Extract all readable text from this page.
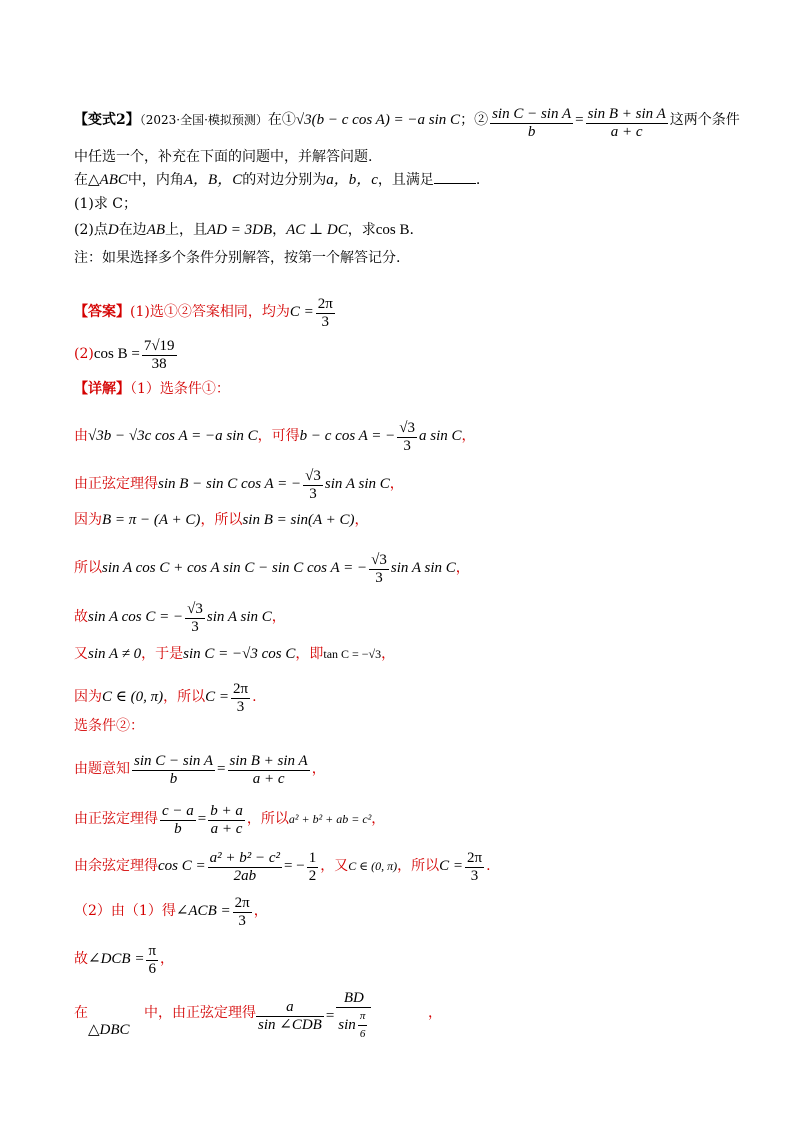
【变式2】（2023·全国·模拟预测）在①√3(b − c cos A) = −a sin C；② $\frac{\text{sin C − sin A}}{b} = \frac{\text{sin B + sin A}}{a + c}$ 这两个条件
中任选一个，补充在下面的问题中，并解答问题.
在△ABC中，内角A，B，C的对边分别为a，b，c，且满足	.
(1)求 C；
(2)点D在边AB上，且AD = 3DB，AC ⊥ DC，求cos B.
注：如果选择多个条件分别解答，按第一个解答记分.
【答案】(1)选①②答案相同，均为$C = \frac{2\pi}{3}$
(2)cos $B = \frac{7√19}{38}$
【详解】（1）选条件①：
由√3b − √3c cos A = −a sin C，可得b − c cos A = − $\frac{√3}{3}$ a sin C，
由正弦定理得sin B − sin C cos A = − $\frac{√3}{3}$ sin A sin C，
因为B = π − (A + C)，所以sin B = sin(A + C)，
所以sin A cos C + cos A sin C − sin C cos A = − $\frac{√3}{3}$ sin A sin C，
故sin A cos C = − $\frac{√3}{3}$ sin A sin C，
又sin A ≠ 0，于是sin C = −√3 cos C，即tan C = −√3，
因为C ∈ (0, π)，所以$C = \frac{2\pi}{3}$ .
选条件②：
由题意知 $\frac{\text{sin C − sin A}}{b} = \frac{\text{sin B + sin A}}{a + c}$ ，
由正弦定理得 $\frac{c - a}{b} = \frac{b + a}{a + c}$ ，所以a² + b² + ab = c²，
由余弦定理得$\cos C = \frac{\text{a² + b² − c²}}{2ab}$ = − $\frac{1}{2}$ ，又C ∈ (0, π)，所以$C = \frac{2\pi}{3}$ .
（2）由（1）得∠ACB = $\frac{2\pi}{3}$ ，
故∠DCB = $\frac{\pi}{6}$ ，
在
△DBC
中，由正弦定理得 $\frac{a}{\text{sin ∠CDB}} = \frac{BD}{\sin \frac{\pi}{6}}$	，
